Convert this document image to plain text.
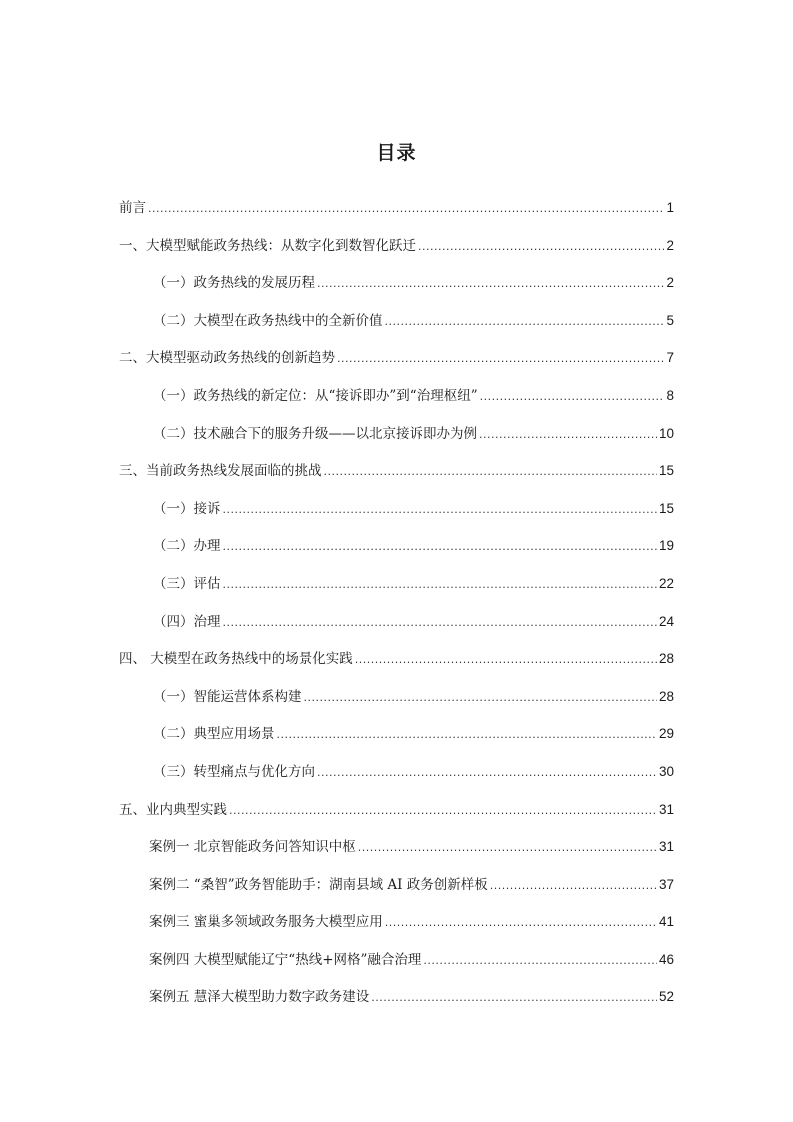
目录
前言 .....	1
一、大模型赋能政务热线：从数字化到数智化跃迁 .....	2
（一）政务热线的发展历程 .....	2
（二）大模型在政务热线中的全新价值 .....	5
二、大模型驱动政务热线的创新趋势 .....	7
（一）政务热线的新定位：从“接诉即办”到“治理枢纽” .....	8
（二）技术融合下的服务升级——以北京接诉即办为例 .....	10
三、当前政务热线发展面临的挑战 .....	15
（一）接诉 .....	15
（二）办理 .....	19
（三）评估 .....	22
（四）治理 .....	24
四、 大模型在政务热线中的场景化实践 .....	28
（一）智能运营体系构建 .....	28
（二）典型应用场景 .....	29
（三）转型痛点与优化方向 .....	30
五、业内典型实践 .....	31
案例一 北京智能政务问答知识中枢 .....	31
案例二 “桑智”政务智能助手：湖南县域 AI 政务创新样板 .....	37
案例三 蜜巢多领域政务服务大模型应用 .....	41
案例四 大模型赋能辽宁“热线+网格”融合治理 .....	46
案例五 慧泽大模型助力数字政务建设 .....	52
